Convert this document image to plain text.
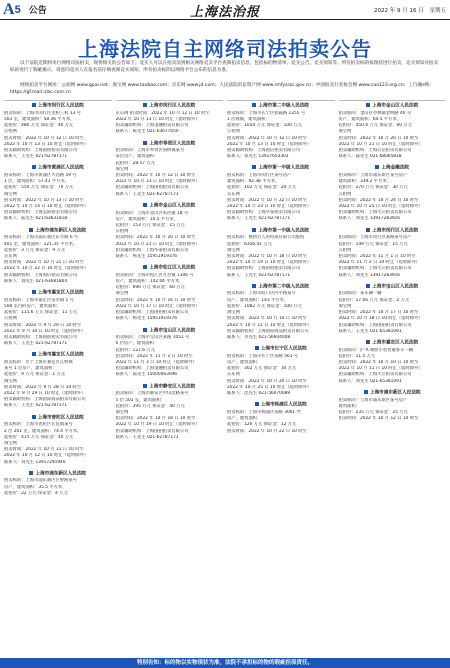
A 5 公告	上海法治报	2022 年 9 月 16 日 星期五
上海法院自主网络司法拍卖公告

以下法院近期将举行网络司法拍卖，现将相关的公告如下。竞买人可以在拍卖前到相关网络竞卖平台查阅拍卖信息，包括标的物清单、竞买公告、竞买须知等。所有拍卖标的按现状进行拍卖，竞买须知对拍卖标的进行了瑕疵揭示。请意向竞买人在报名前仔细查阅竞买须知、所有拍卖标的以网络平台公布的信息为准。

网络拍卖平台网址：公拍网 www.gpai.net；淘宝网 www.taobao.com；京东网 www.jd.com；人民法院诉讼资产网 www.rmfysszc.gov.cn；中国拍卖行业协会网 www.caa123.org.cn；工行融e购：https://gf.mall.icbc.com.cn

上海市闵行区人民法院
拍卖标的：上海市闵行区龙柏三村 13 号
503 室，建筑面积：58.36 平方米，
起拍价：480 万元 保证金：40 万元
公拍网
拍卖时间：2022 年 10 月 12 日 10 时至
2022 年 10 月 13 日 10 时止（延时除外）
拍卖辅助机构：上海国拍拍卖有限公司
联系人：王先生 021-62787171
上海市黄浦区人民法院
拍卖标的：上海市黄浦区大沽路 59 号
1 层，建筑面积：57.41 平方米，
起拍价：550 万元 保证金：70 万元
淘宝网
拍卖时间：2022 年 10 月 13 日 10 时至
2022 年 10 月 14 日 10 时止（延时除外）
拍卖辅助机构：上海弘阳拍卖有限公司
联系人：陆先生 021-63631818
上海市浦东新区人民法院
拍卖标的：上海市浦东新区东方路 6 号
401 室，建筑面积：121.35 平方米，
起拍价：3 万元 保证金：9 万元
京东网
拍卖时间：2022 年 10 月 21 日 10 时至
2022 年 10 月 22 日 10 时止（延时除外）
拍卖辅助机构：上海国信拍卖有限公司
联系人：刘先生 021-63681804
上海市嘉定区人民法院
拍卖标的：上海市嘉定区安亭镇 1 号
508 室内的房产，建筑面积：
起拍价：115.6 万元 保证金：11 万元
公拍网
拍卖时间：2022 年 9 月 29 日 10 时至
2022 年 9 月 30 日 10 时止（延时除外）
拍卖辅助机构：上海国拍拍卖有限公司
联系人：王先生 021-62787171
上海市嘉定区人民法院
拍卖标的：位于上海市嘉定区江桥镇
某号 1 层房产，建筑面积：
起拍价：9 万元 保证金：1 万元
淘宝网
拍卖时间：2022 年 9 月 28 日 10 时至
2022 年 9 月 29 日 10 时止（延时除外）
拍卖辅助机构：上海国际商品拍卖有限公司
联系人：王先生 021-62787171
上海市普陀区人民法院
拍卖标的：上海市普陀区长征镇某号
2 层 201 室，建筑面积：74.4 平方米，
起拍价：415 万元 保证金：40 万元
淘宝网
拍卖时间：2022 年 10 月 11 日 10 时至
2022 年 10 月 12 日 10 时止（延时除外）
联系人：刘先生 13917291940
上海市浦东新区人民法院
拍卖标的：上海市浦东新区巨野路某号
房产，建筑面积：35.5 平方米，
起拍价：22 万元 保证金：4 万元
上海市闵行区人民法院
京东网 拍卖时间：2022 年 10 月 12 日 10 时至
2022 年 10 月 13 日 10 时止（延时除外）
拍卖辅助机构：上海金融拍卖有限公司
联系人：陈先生 021-63677050
上海市奉贤区人民法院
拍卖标的：上海市奉贤区南桥镇某号
某层房产，建筑面积：
起拍价：28.57 万元
淘宝网
拍卖时间：2022 年 10 月 12 日 10 时至
2022 年 10 月 13 日 10 时止（延时除外）
拍卖辅助机构：上海国拍拍卖有限公司
联系人：王先生 021-62787171
上海市金山区人民法院
拍卖标的：上海市金山区朱泾镇 18 号
房产，建筑面积：10.5 平方米，
起拍价：153 万元 保证金：15 万元
公拍网
拍卖时间：2022 年 10 月 20 日 10 时至
2022 年 10 月 21 日 10 时止（延时除外）
拍卖辅助机构：上海华泰拍卖有限公司
联系人：杨先生 15951919376
上海市松江区人民法院
拍卖标的：上海市松江区九亭镇 1306 号
房产，建筑面积：142.04 平方米，
起拍价：690 万元 保证金：60 万元
淘宝网
拍卖时间：2022 年 10 月 16 日 10 时至
2022 年 10 月 17 日 10 时止（延时除外）
拍卖辅助机构：上海国拍拍卖有限公司
联系人：杨先生 15951919376
上海市宝山区人民法院
拍卖标的：上海市宝山区某路 1051 号
6 层房产，建筑面积：
起拍价：127.6 万元
拍卖时间：2022 年 11 月 2 日 10 时至
2022 年 11 月 3 日 10 时止（延时除外）
拍卖辅助机构：上海金融拍卖有限公司
联系人：陆先生 15000063096
上海市静安区人民法院
拍卖标的：上海市静安区中山北路某号
5 层 501 室，建筑面积：
起拍价：395 万元 保证金：40 万元
淘宝网
拍卖时间：2022 年 10 月 18 日 10 时至
2022 年 10 月 19 日 10 时止（延时除外）
拍卖辅助机构：上海国拍拍卖有限公司
联系人：王先生 021-62787171
上海市第二中级人民法院
拍卖标的：上海市长宁区仙霞路 1355 号
1 层商铺，建筑面积：
起拍价：1054 万元 保证金：100 万元
公拍网
拍卖时间：2022 年 10 月 12 日 10 时至
2022 年 10 月 13 日 10 时止（延时除外）
拍卖辅助机构：上海国信拍卖有限公司
联系人：张先生 13917653303
上海市第一中级人民法院
拍卖标的：上海市闵行区某号房产
建筑面积：92.38 平方米，
起拍价：102 万元 保证金：20 万元
京东网
拍卖时间：2022 年 10 月 22 日 10 时至
2022 年 10 月 23 日 10 时止（延时除外）
拍卖辅助机构：上海华泰拍卖有限公司
联系人：王先生 021-62787171
上海市第一中级人民法院
拍卖标的：被执行人所持某有限公司股权
起拍价：6356.41 万元
淘宝网
拍卖时间：2022 年 10 月 18 日 10 时至
2022 年 10 月 19 日 10 时止（延时除外）
拍卖辅助机构：上海国拍拍卖有限公司
联系人：王先生 021-62787171
上海市第二中级人民法院
拍卖标的：上海市虹口区四平路某号
房产，建筑面积：143 平方米，
起拍价：1082 万元 保证金：100 万元
淘宝网
拍卖时间：2022 年 10 月 10 日 10 时至
2022 年 10 月 11 日 10 时止（延时除外）
拍卖辅助机构：上海国际商品拍卖有限公司
联系人：李先生 021-56604008
上海市长宁区人民法院
拍卖标的：上海市长宁区某路 561 号
房产，建筑面积：
起拍价：302 万元 保证金：30 万元
京东网
拍卖时间：2022 年 10 月 24 日 10 时至
2022 年 10 月 25 日 10 时止（延时除外）
联系人：沈先生 021-56070089
上海市杨浦区人民法院
拍卖标的：上海市杨浦区某路 3001 弄
房产，建筑面积：
起拍价：126 万元 保证金：12 万元
拍卖时间：2022 年 10 月 22 日 10 时至
上海市金山区人民法院
拍卖标的：金山区亭林镇金明路 40 号
房产，建筑面积：64.5 平方米，
起拍价：450.4 万元 保证金：60 万元
淘宝网
拍卖时间：2022 年 10 月 20 日 10 时至
2022 年 10 月 21 日 10 时止（延时除外）
拍卖辅助机构：上海公信拍卖有限公司
联系人：陆先生 021-68085818
上海金融法院
拍卖标的：上海市浦东新区某号房产
建筑面积：339.2 平方米，
起拍价：270 万元 保证金：30 万元
公拍网
拍卖时间：2022 年 10 月 24 日 10 时至
2022 年 10 月 25 日 10 时止（延时除外）
拍卖辅助机构：上海大公拍卖有限公司
联系人：刘先生 13917283916
上海市闵行区人民法院
拍卖标的：上海市闵行区某路某号房产
起拍价：149 万元 保证金：15 万元
公拍网
拍卖时间：2022 年 11 月 1 日 10 时至
2022 年 11 月 2 日 10 时止（延时除外）
拍卖辅助机构：上海大公拍卖有限公司
联系人：刘先生 13917283916
上海市宝山区人民法院
拍卖标的：某车辆一辆
起拍价：17.66 万元 保证金：2 万元
淘宝网
拍卖时间：2022 年 10 月 17 日 10 时至
2022 年 10 月 18 日 10 时止（延时除外）
拍卖辅助机构：上海国拍拍卖有限公司
联系人：王先生 021-65381091
上海市嘉定区人民法院
拍卖标的：沪 A 牌照小型普通客车一辆
起拍价：11.5 万元
拍卖时间：2022 年 10 月 10 日 10 时至
2022 年 10 月 11 日 10 时止（延时除外）
拍卖辅助机构：上海大公拍卖有限公司
联系人：刘先生 021-65381091
上海市浦东新区人民法院
拍卖标的：上海市浦东新区某号房产
建筑面积：
起拍价：235 万元 保证金：25 万元
拍卖时间：2022 年 10 月 12 日 10 时至
特别告知：标的物以实物现状为准，法院不承担标的物的瑕疵担保责任。
